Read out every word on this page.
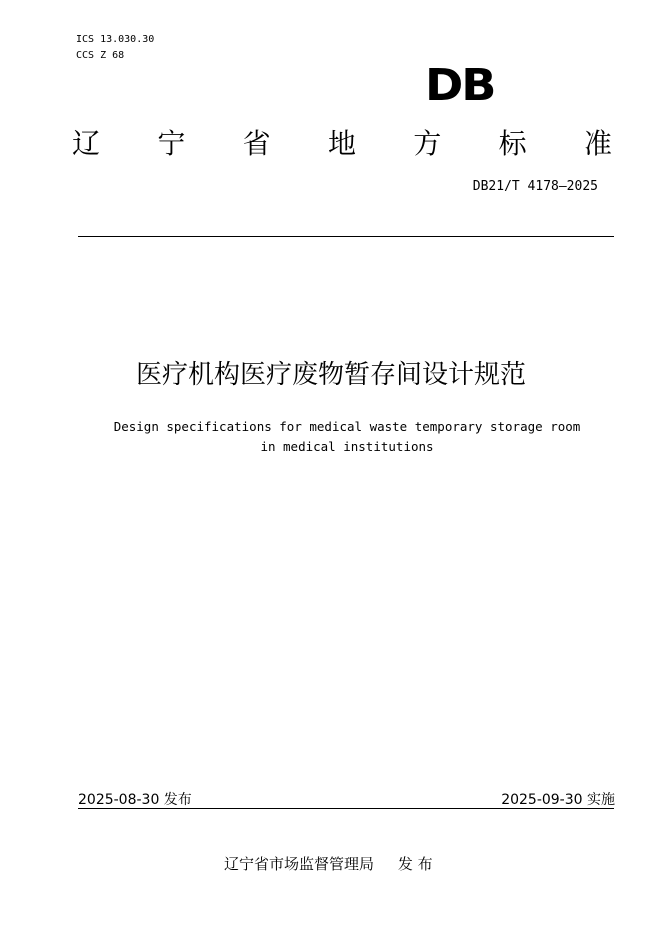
ICS 13.030.30
CCS Z 68
DB
辽 宁 省 地 方 标 准
DB21/T 4178—2025
医疗机构医疗废物暂存间设计规范
Design specifications for medical waste temporary storage room
in medical institutions
2025-08-30 发布	2025-09-30 实施
辽宁省市场监督管理局 发 布
